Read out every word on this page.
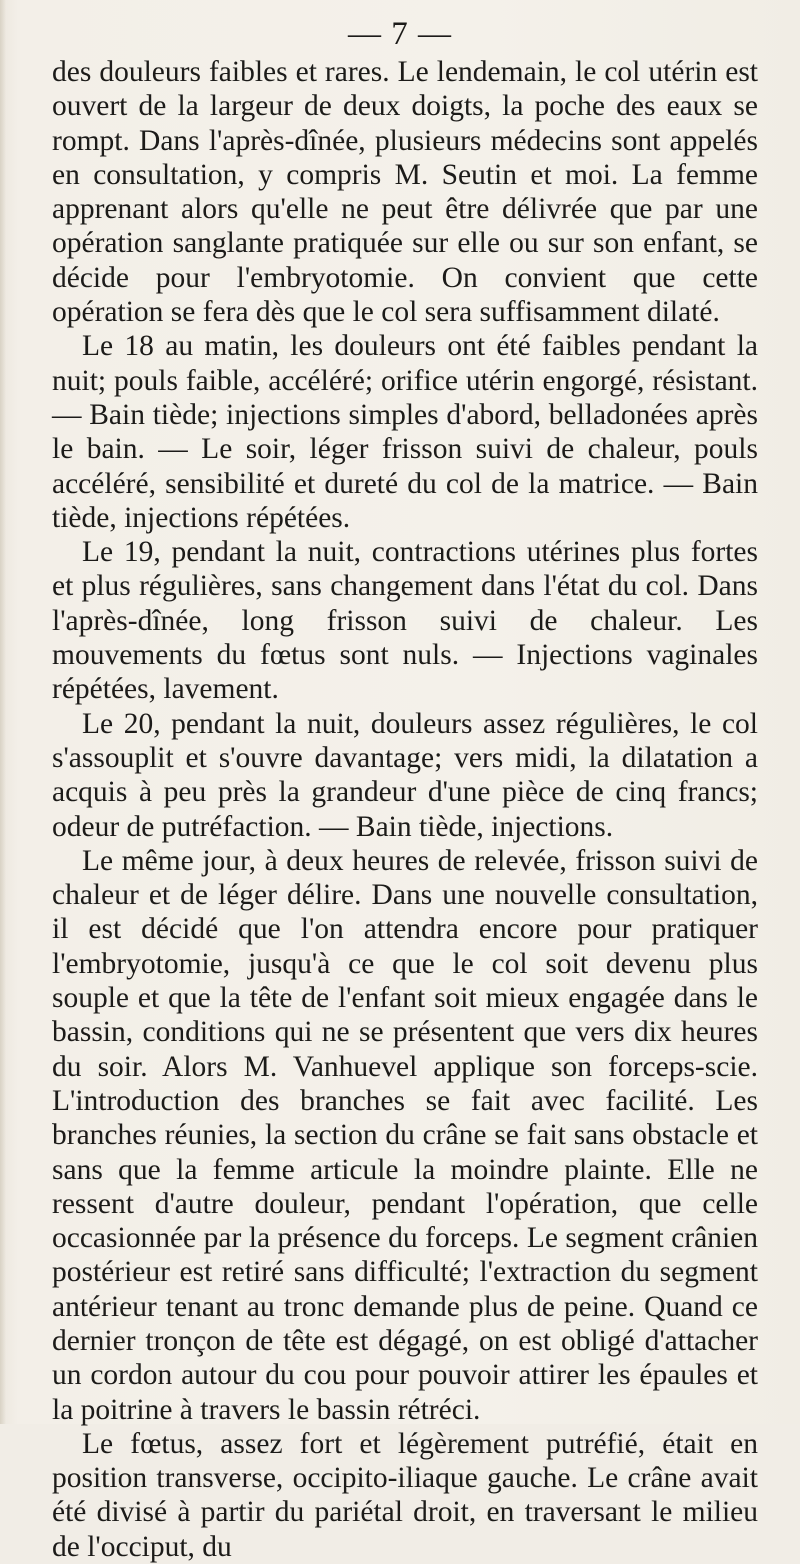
— 7 —

des douleurs faibles et rares. Le lendemain, le col utérin est ouvert de la largeur de deux doigts, la poche des eaux se rompt. Dans l'après-dînée, plusieurs médecins sont appelés en consultation, y compris M. Seutin et moi. La femme apprenant alors qu'elle ne peut être délivrée que par une opération sanglante pratiquée sur elle ou sur son enfant, se décide pour l'embryotomie. On convient que cette opération se fera dès que le col sera suffisamment dilaté.

Le 18 au matin, les douleurs ont été faibles pendant la nuit; pouls faible, accéléré; orifice utérin engorgé, résistant. — Bain tiède; injections simples d'abord, belladonées après le bain. — Le soir, léger frisson suivi de chaleur, pouls accéléré, sensibilité et dureté du col de la matrice. — Bain tiède, injections répétées.

Le 19, pendant la nuit, contractions utérines plus fortes et plus régulières, sans changement dans l'état du col. Dans l'après-dînée, long frisson suivi de chaleur. Les mouvements du fœtus sont nuls. — Injections vaginales répétées, lavement.

Le 20, pendant la nuit, douleurs assez régulières, le col s'assouplit et s'ouvre davantage; vers midi, la dilatation a acquis à peu près la grandeur d'une pièce de cinq francs; odeur de putréfaction. — Bain tiède, injections.

Le même jour, à deux heures de relevée, frisson suivi de chaleur et de léger délire. Dans une nouvelle consultation, il est décidé que l'on attendra encore pour pratiquer l'embryotomie, jusqu'à ce que le col soit devenu plus souple et que la tête de l'enfant soit mieux engagée dans le bassin, conditions qui ne se présentent que vers dix heures du soir. Alors M. Vanhuevel applique son forceps-scie. L'introduction des branches se fait avec facilité. Les branches réunies, la section du crâne se fait sans obstacle et sans que la femme articule la moindre plainte. Elle ne ressent d'autre douleur, pendant l'opération, que celle occasionnée par la présence du forceps. Le segment crânien postérieur est retiré sans difficulté; l'extraction du segment antérieur tenant au tronc demande plus de peine. Quand ce dernier tronçon de tête est dégagé, on est obligé d'attacher un cordon autour du cou pour pouvoir attirer les épaules et la poitrine à travers le bassin rétréci.

Le fœtus, assez fort et légèrement putréfié, était en position transverse, occipito-iliaque gauche. Le crâne avait été divisé à partir du pariétal droit, en traversant le milieu de l'occiput, du
